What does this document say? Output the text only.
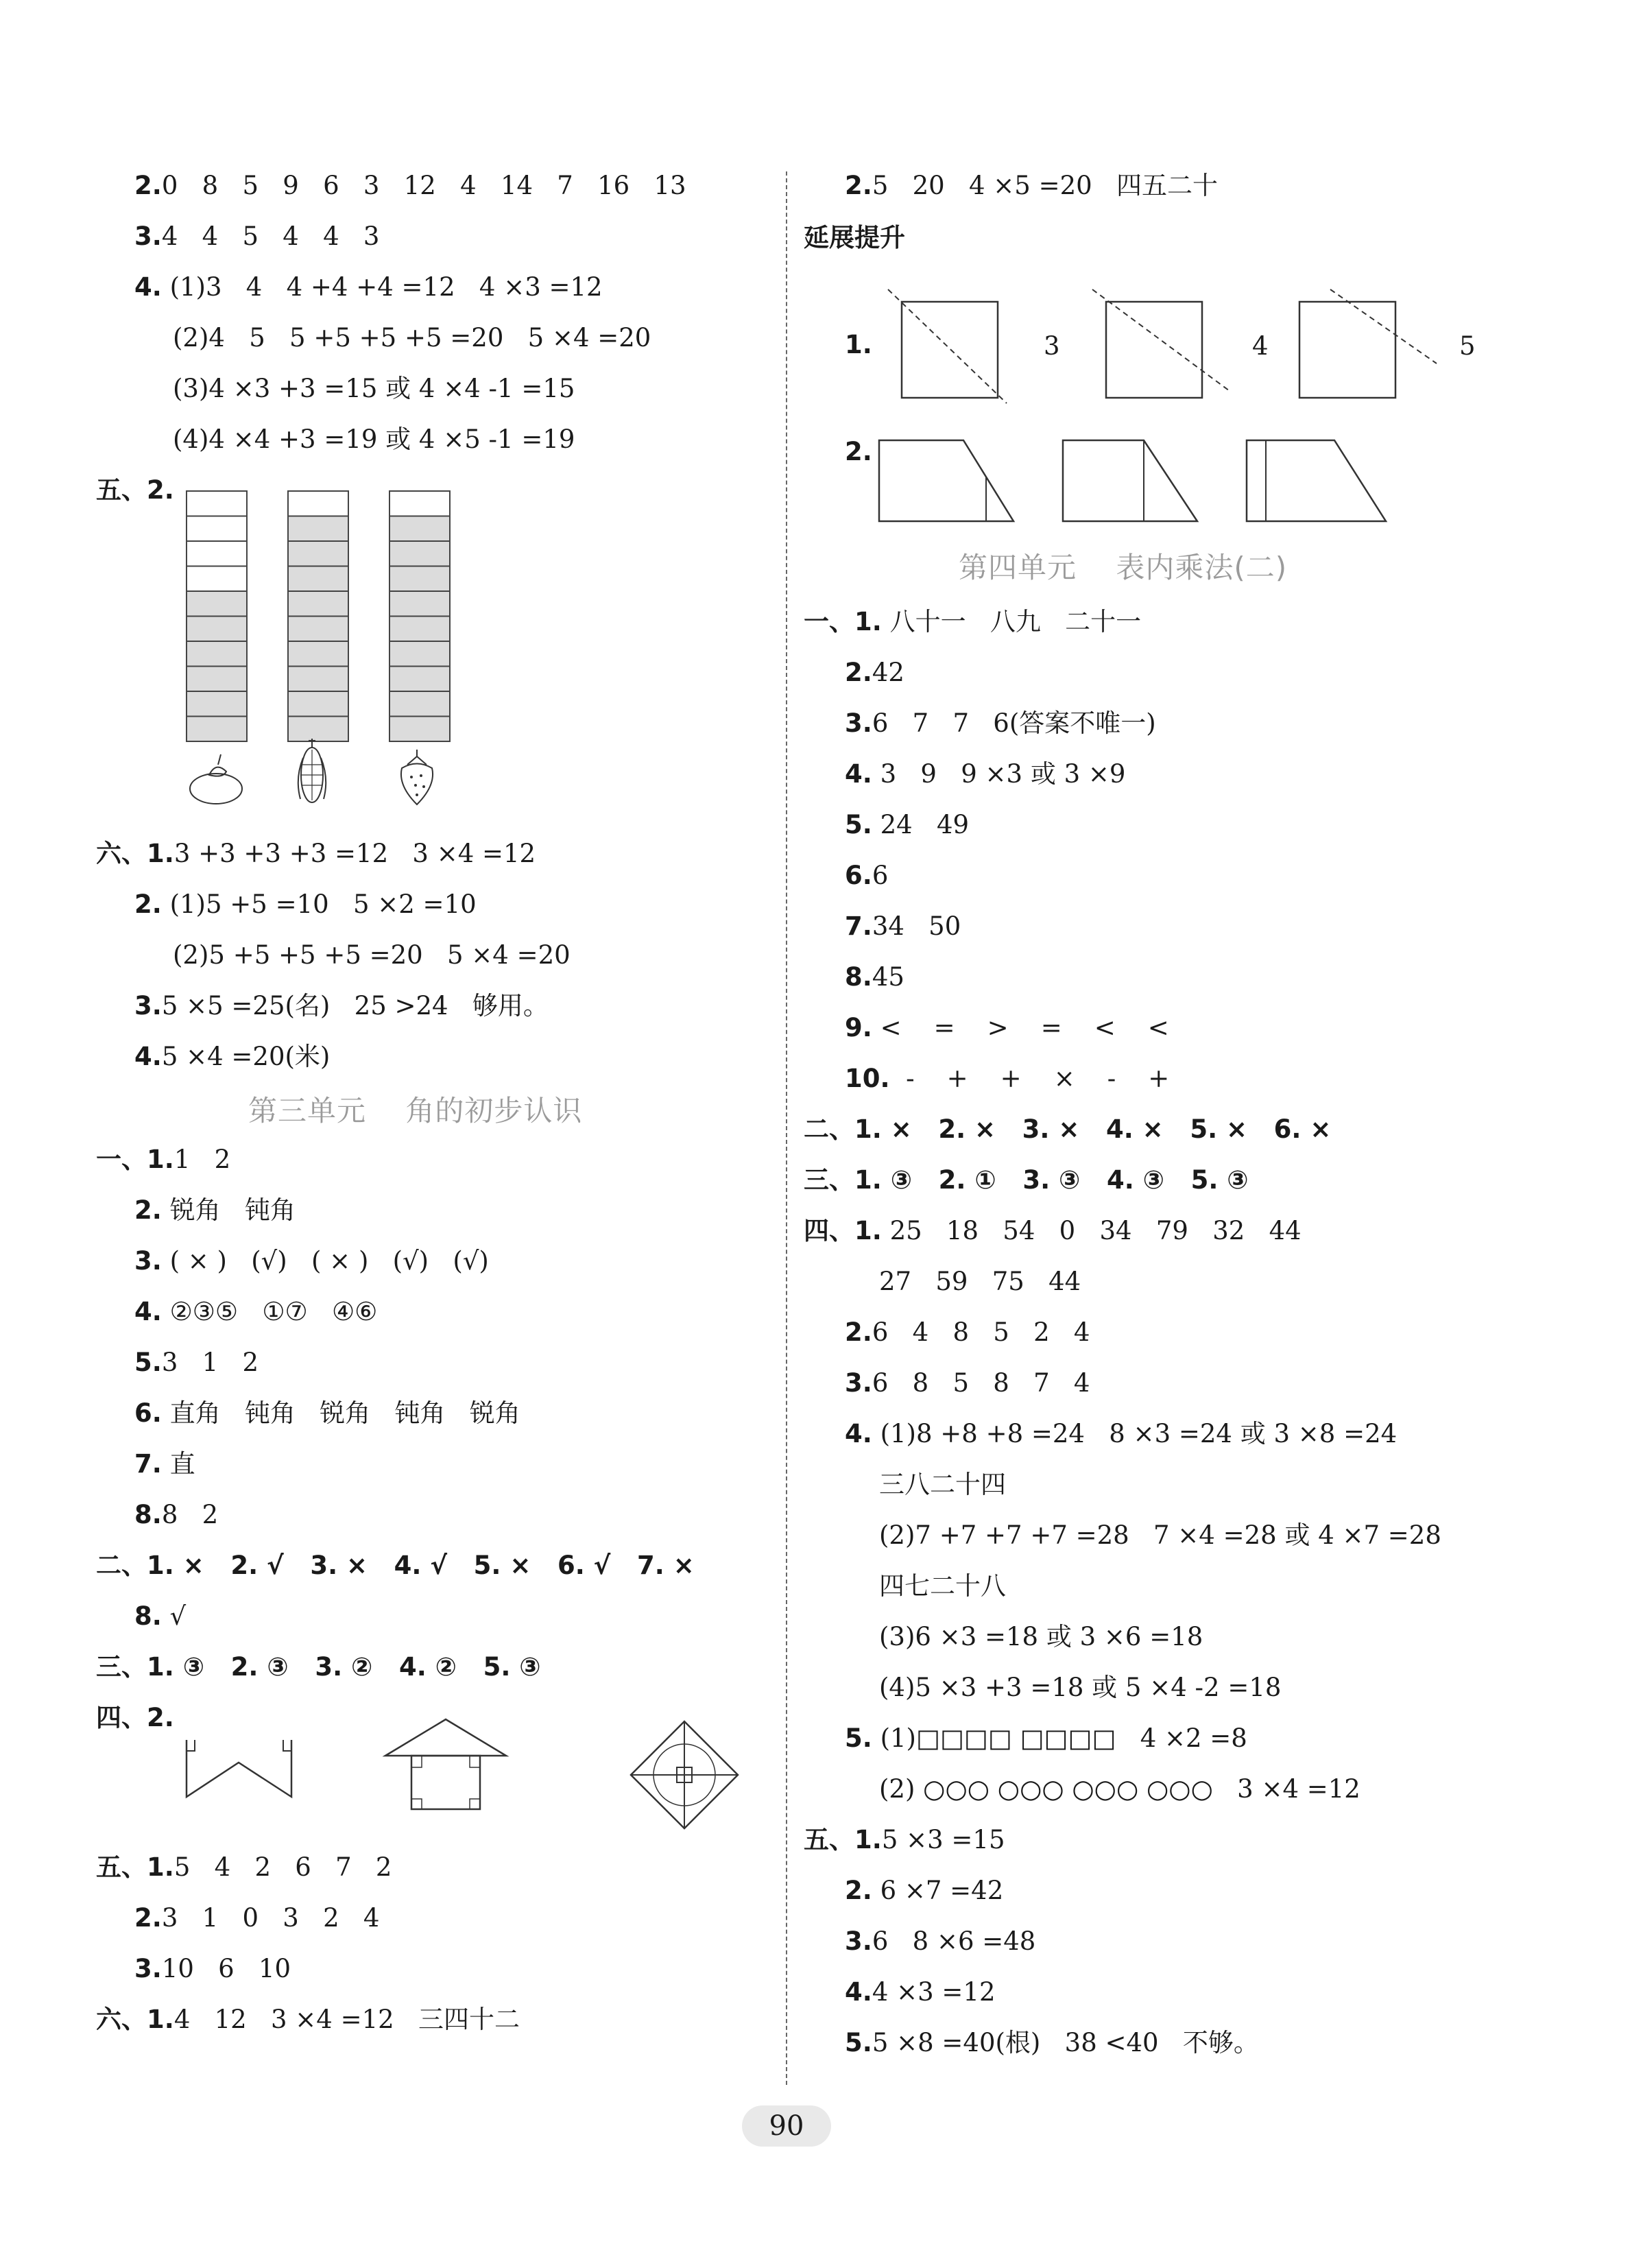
2.0   8   5   9   6   3   12   4   14   7   16   13
3.4   4   5   4   4   3
4. (1)3   4   4 +4 +4 =12   4 ×3 =12
(2)4   5   5 +5 +5 +5 =20   5 ×4 =20
(3)4 ×3 +3 =15 或 4 ×4 -1 =15
(4)4 ×4 +3 =19 或 4 ×5 -1 =19
五、2.
六、1.3 +3 +3 +3 =12   3 ×4 =12
2. (1)5 +5 =10   5 ×2 =10
(2)5 +5 +5 +5 =20   5 ×4 =20
3.5 ×5 =25(名)   25 >24   够用。
4.5 ×4 =20(米)
第三单元    角的初步认识
一、1.1   2
2. 锐角   钝角
3. ( × )   (√)   ( × )   (√)   (√)
4. ②③⑤   ①⑦   ④⑥
5.3   1   2
6. 直角   钝角   锐角   钝角   锐角
7. 直
8.8   2
二、1. ×   2. √   3. ×   4. √   5. ×   6. √   7. ×
8. √
三、1. ③   2. ③   3. ②   4. ②   5. ③
四、2.
五、1.5   4   2   6   7   2
2.3   1   0   3   2   4
3.10   6   10
六、1.4   12   3 ×4 =12   三四十二
2.5   20   4 ×5 =20   四五二十
延展提升
1.	3	4	5
2.
第四单元    表内乘法(二)
一、1. 八十一   八九   二十一
2.42
3.6   7   7   6(答案不唯一)
4. 3   9   9 ×3 或 3 ×9
5. 24   49
6.6
7.34   50
8.45
9. <    =    >    =    <    <
10.  -    +    +    ×    -    +
二、1. ×   2. ×   3. ×   4. ×   5. ×   6. ×
三、1. ③   2. ①   3. ③   4. ③   5. ③
四、1. 25   18   54   0   34   79   32   44
27   59   75   44
2.6   4   8   5   2   4
3.6   8   5   8   7   4
4. (1)8 +8 +8 =24   8 ×3 =24 或 3 ×8 =24
三八二十四
(2)7 +7 +7 +7 =28   7 ×4 =28 或 4 ×7 =28
四七二十八
(3)6 ×3 =18 或 3 ×6 =18
(4)5 ×3 +3 =18 或 5 ×4 -2 =18
5. (1)□□□□ □□□□   4 ×2 =8
(2) ○○○ ○○○ ○○○ ○○○   3 ×4 =12
五、1.5 ×3 =15
2. 6 ×7 =42
3.6   8 ×6 =48
4.4 ×3 =12
5.5 ×8 =40(根)   38 <40   不够。
90
